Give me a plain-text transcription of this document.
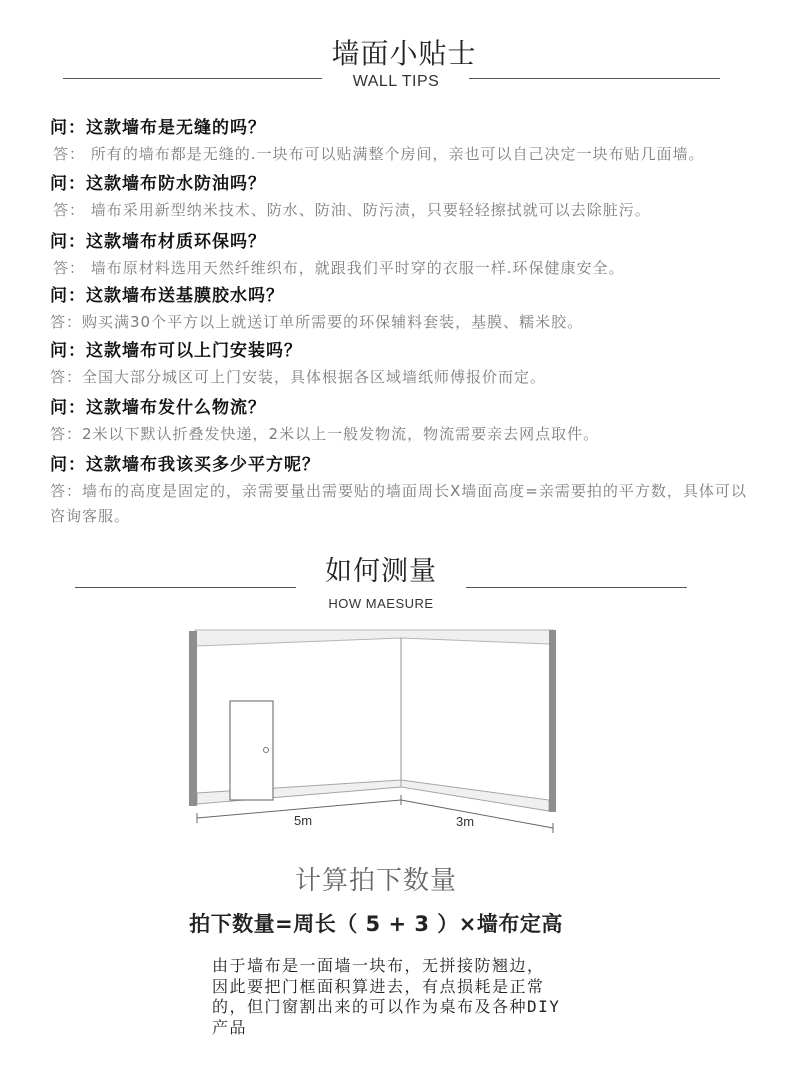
墙面小贴士
WALL TIPS
问：这款墙布是无缝的吗？
答： 所有的墙布都是无缝的.一块布可以贴满整个房间，亲也可以自己决定一块布贴几面墙。
问：这款墙布防水防油吗？
答： 墙布采用新型纳米技术、防水、防油、防污渍，只要轻轻擦拭就可以去除脏污。
问：这款墙布材质环保吗？
答： 墙布原材料选用天然纤维织布，就跟我们平时穿的衣服一样.环保健康安全。
问：这款墙布送基膜胶水吗？
答：购买满30个平方以上就送订单所需要的环保辅料套装，基膜、糯米胶。
问：这款墙布可以上门安装吗？
答：全国大部分城区可上门安装，具体根据各区域墙纸师傅报价而定。
问：这款墙布发什么物流？
答：2米以下默认折叠发快递，2米以上一般发物流，物流需要亲去网点取件。
问：这款墙布我该买多少平方呢？
答：墙布的高度是固定的，亲需要量出需要贴的墙面周长X墙面高度=亲需要拍的平方数，具体可以
咨询客服。
如何测量
HOW MAESURE
5m	3m
计算拍下数量
拍下数量=周长（ 5 + 3 ）×墙布定高
由于墙布是一面墙一块布，无拼接防翘边，
因此要把门框面积算进去，有点损耗是正常
的，但门窗割出来的可以作为桌布及各种DIY
产品
